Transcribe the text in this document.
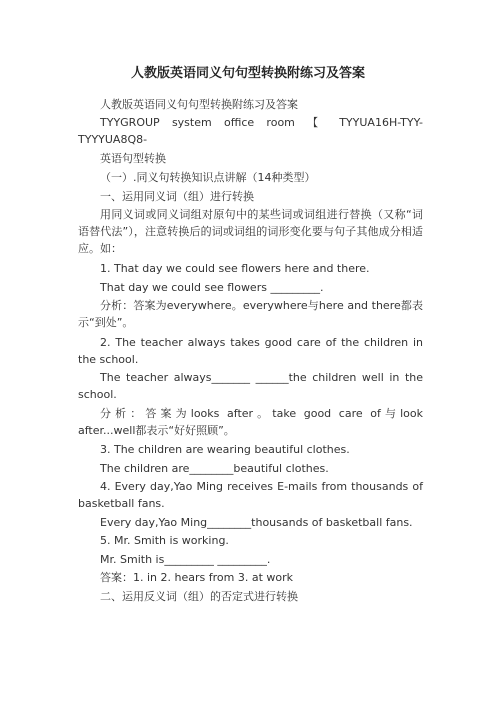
人教版英语同义句句型转换附练习及答案

人教版英语同义句句型转换附练习及答案

TYYGROUP system office room 【 TYYUA16H-TYY-TYYYUA8Q8-

英语句型转换

（一）.同义句转换知识点讲解（14种类型）

一、运用同义词（组）进行转换

用同义词或同义词组对原句中的某些词或词组进行替换（又称“词语替代法”），注意转换后的词或词组的词形变化要与句子其他成分相适应。如：

1. That day we could see flowers here and there.

That day we could see flowers _________.

分析：答案为everywhere。everywhere与here and there都表示“到处”。

2. The teacher always takes good care of the children in the school.

The teacher always_______ ______the children well in the school.

分析：答案为looks after。take good care of与look after...well都表示“好好照顾”。

3. The children are wearing beautiful clothes.

The children are________beautiful clothes.

4. Every day,Yao Ming receives E-mails from thousands of basketball fans.

Every day,Yao Ming________thousands of basketball fans.

5. Mr. Smith is working.

Mr. Smith is_________ _________.

答案：1. in 2. hears from 3. at work

二、运用反义词（组）的否定式进行转换
